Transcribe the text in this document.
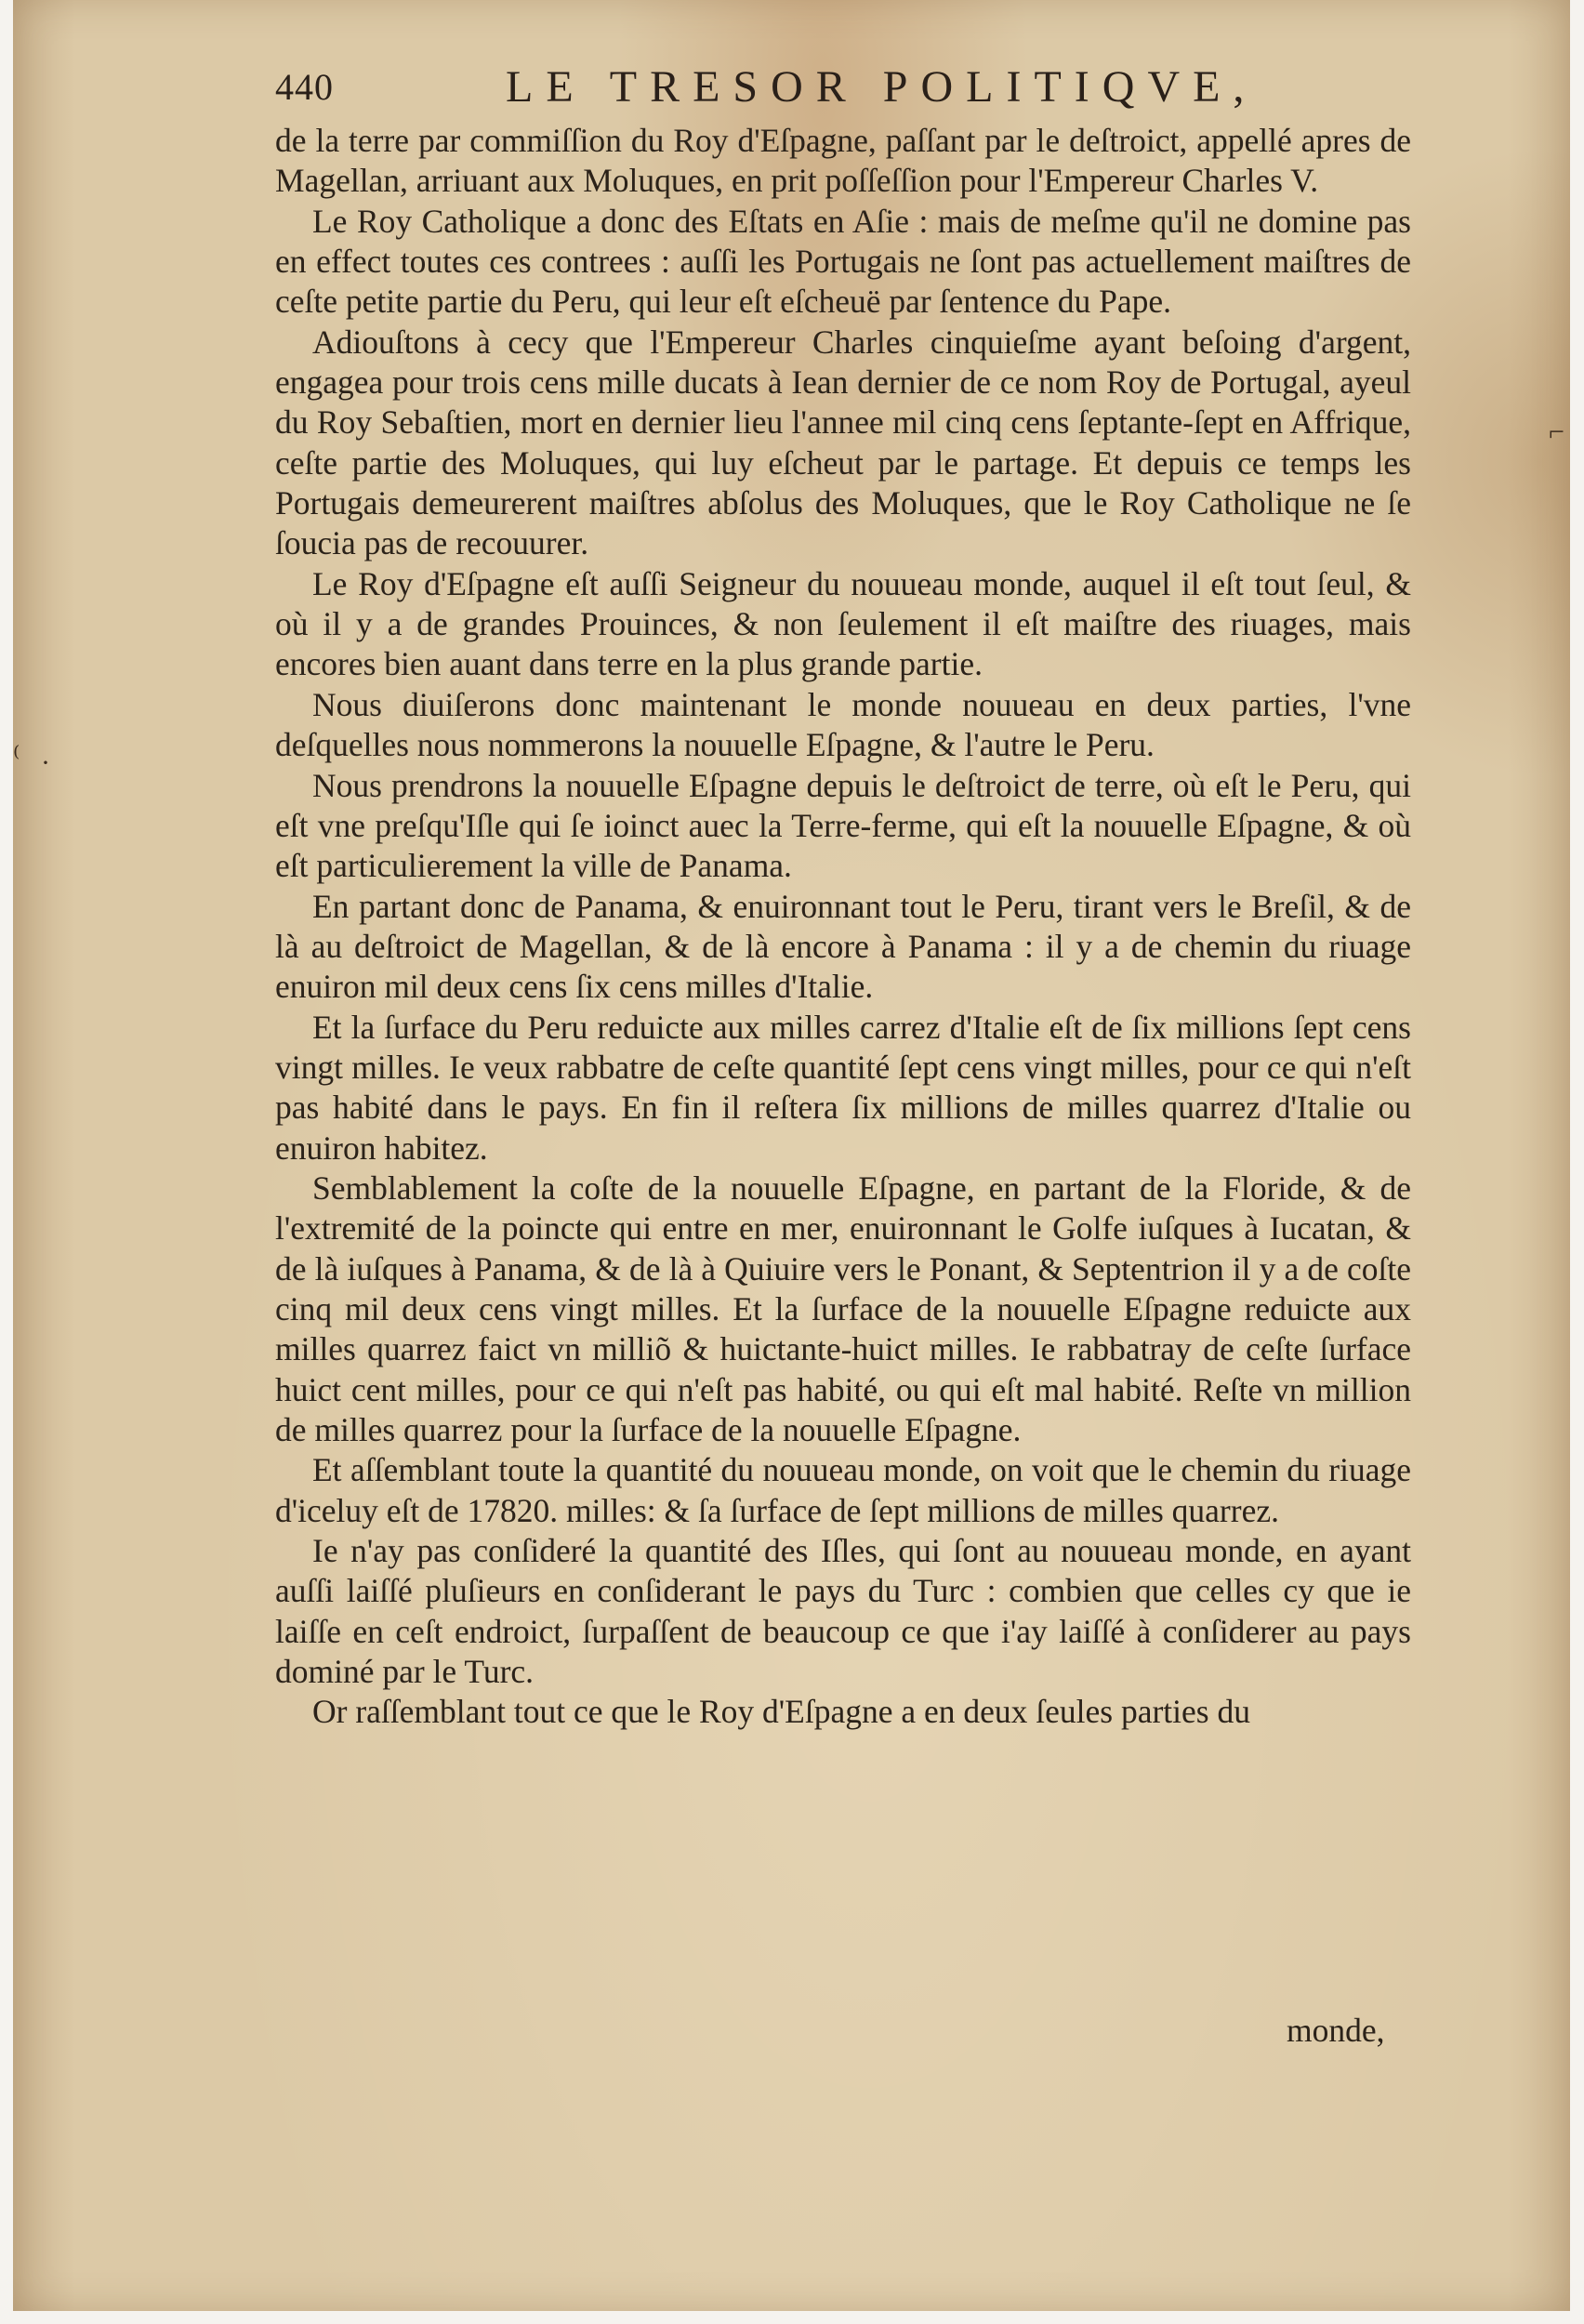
⁽ ·
⌐
440	LE TRESOR POLITIQVE,

de la terre par commiſſion du Roy d'Eſpagne, paſſant par le deſtroict, appellé apres de Magellan, arriuant aux Moluques, en prit poſſeſſion pour l'Empereur Charles V.

Le Roy Catholique a donc des Eſtats en Aſie : mais de meſme qu'il ne domine pas en effect toutes ces contrees : auſſi les Portugais ne ſont pas actuellement maiſtres de ceſte petite partie du Peru, qui leur eſt eſcheuë par ſentence du Pape.

Adiouſtons à cecy que l'Empereur Charles cinquieſme ayant beſoing d'argent, engagea pour trois cens mille ducats à Iean dernier de ce nom Roy de Portugal, ayeul du Roy Sebaſtien, mort en dernier lieu l'annee mil cinq cens ſeptante-ſept en Affrique, ceſte partie des Moluques, qui luy eſcheut par le partage. Et depuis ce temps les Portugais demeurerent maiſtres abſolus des Moluques, que le Roy Catholique ne ſe ſoucia pas de recouurer.

Le Roy d'Eſpagne eſt auſſi Seigneur du nouueau monde, auquel il eſt tout ſeul, & où il y a de grandes Prouinces, & non ſeulement il eſt maiſtre des riuages, mais encores bien auant dans terre en la plus grande partie.

Nous diuiſerons donc maintenant le monde nouueau en deux parties, l'vne deſquelles nous nommerons la nouuelle Eſpagne, & l'autre le Peru.

Nous prendrons la nouuelle Eſpagne depuis le deſtroict de terre, où eſt le Peru, qui eſt vne preſqu'Iſle qui ſe ioinct auec la Terre-ferme, qui eſt la nouuelle Eſpagne, & où eſt particulierement la ville de Panama.

En partant donc de Panama, & enuironnant tout le Peru, tirant vers le Breſil, & de là au deſtroict de Magellan, & de là encore à Panama : il y a de chemin du riuage enuiron mil deux cens ſix cens milles d'Italie.

Et la ſurface du Peru reduicte aux milles carrez d'Italie eſt de ſix millions ſept cens vingt milles. Ie veux rabbatre de ceſte quantité ſept cens vingt milles, pour ce qui n'eſt pas habité dans le pays. En fin il reſtera ſix millions de milles quarrez d'Italie ou enuiron habitez.

Semblablement la coſte de la nouuelle Eſpagne, en partant de la Floride, & de l'extremité de la poincte qui entre en mer, enuironnant le Golfe iuſques à Iucatan, & de là iuſques à Panama, & de là à Quiuire vers le Ponant, & Septentrion il y a de coſte cinq mil deux cens vingt milles. Et la ſurface de la nouuelle Eſpagne reduicte aux milles quarrez faict vn milliõ & huictante-huict milles. Ie rabbatray de ceſte ſurface huict cent milles, pour ce qui n'eſt pas habité, ou qui eſt mal habité. Reſte vn million de milles quarrez pour la ſurface de la nouuelle Eſpagne.

Et aſſemblant toute la quantité du nouueau monde, on voit que le chemin du riuage d'iceluy eſt de 17820. milles: & ſa ſurface de ſept millions de milles quarrez.

Ie n'ay pas conſideré la quantité des Iſles, qui ſont au nouueau monde, en ayant auſſi laiſſé pluſieurs en conſiderant le pays du Turc : combien que celles cy que ie laiſſe en ceſt endroict, ſurpaſſent de beaucoup ce que i'ay laiſſé à conſiderer au pays dominé par le Turc.

Or raſſemblant tout ce que le Roy d'Eſpagne a en deux ſeules parties du

monde,
